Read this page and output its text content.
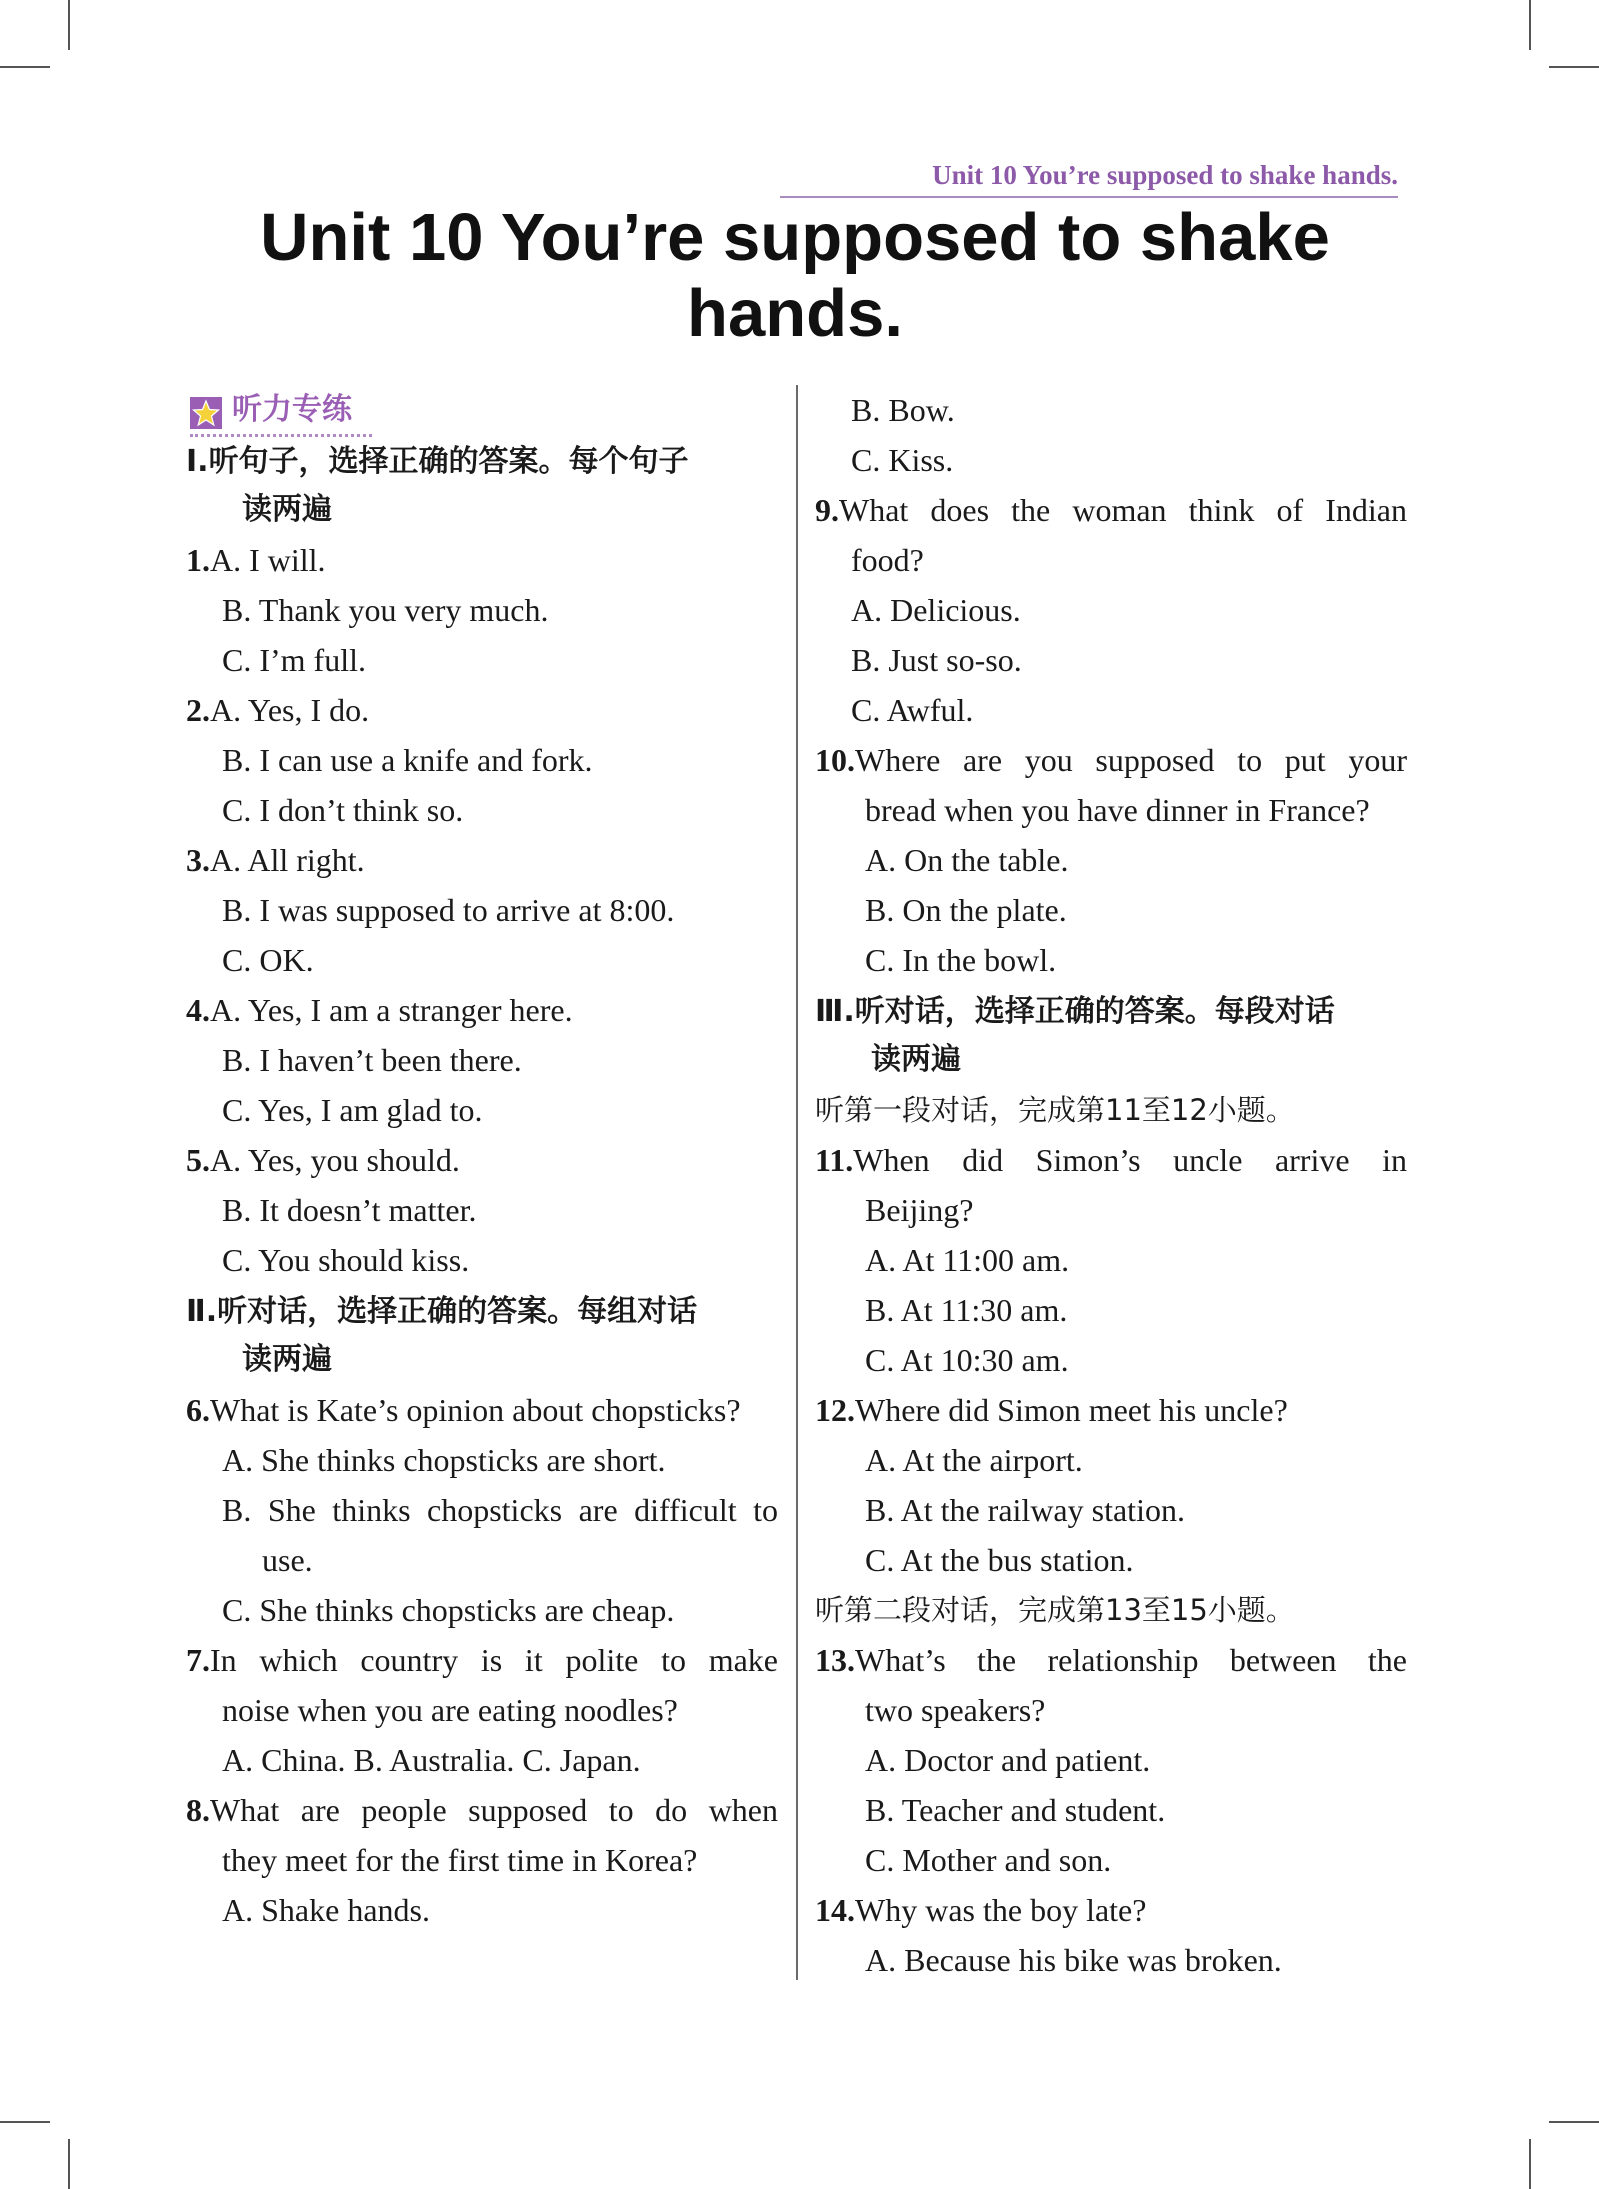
Unit 10 You’re supposed to shake hands.
Unit 10 You’re supposed to shake
hands.
听力专练
Ⅰ.听句子，选择正确的答案。每个句子
读两遍
1.A. I will.
B. Thank you very much.
C. I’m full.
2.A. Yes, I do.
B. I can use a knife and fork.
C. I don’t think so.
3.A. All right.
B. I was supposed to arrive at 8:00.
C. OK.
4.A. Yes, I am a stranger here.
B. I haven’t been there.
C. Yes, I am glad to.
5.A. Yes, you should.
B. It doesn’t matter.
C. You should kiss.
Ⅱ.听对话，选择正确的答案。每组对话
读两遍
6.What is Kate’s opinion about chopsticks?
A. She thinks chopsticks are short.
B. She thinks chopsticks are difficult to
use.
C. She thinks chopsticks are cheap.
7. In which country is it polite to make
noise when you are eating noodles?
A. China. B. Australia. C. Japan.
8. What are people supposed to do when
they meet for the first time in Korea?
A. Shake hands.
B. Bow.
C. Kiss.
9. What does the woman think of Indian
food?
A. Delicious.
B. Just so-so.
C. Awful.
10. Where are you supposed to put your
bread when you have dinner in France?
A. On the table.
B. On the plate.
C. In the bowl.
Ⅲ.听对话，选择正确的答案。每段对话
读两遍
听第一段对话，完成第11至12小题。
11. When did Simon’s uncle arrive in
Beijing?
A. At 11:00 am.
B. At 11:30 am.
C. At 10:30 am.
12.Where did Simon meet his uncle?
A. At the airport.
B. At the railway station.
C. At the bus station.
听第二段对话，完成第13至15小题。
13. What’s the relationship between the
two speakers?
A. Doctor and patient.
B. Teacher and student.
C. Mother and son.
14.Why was the boy late?
A. Because his bike was broken.
